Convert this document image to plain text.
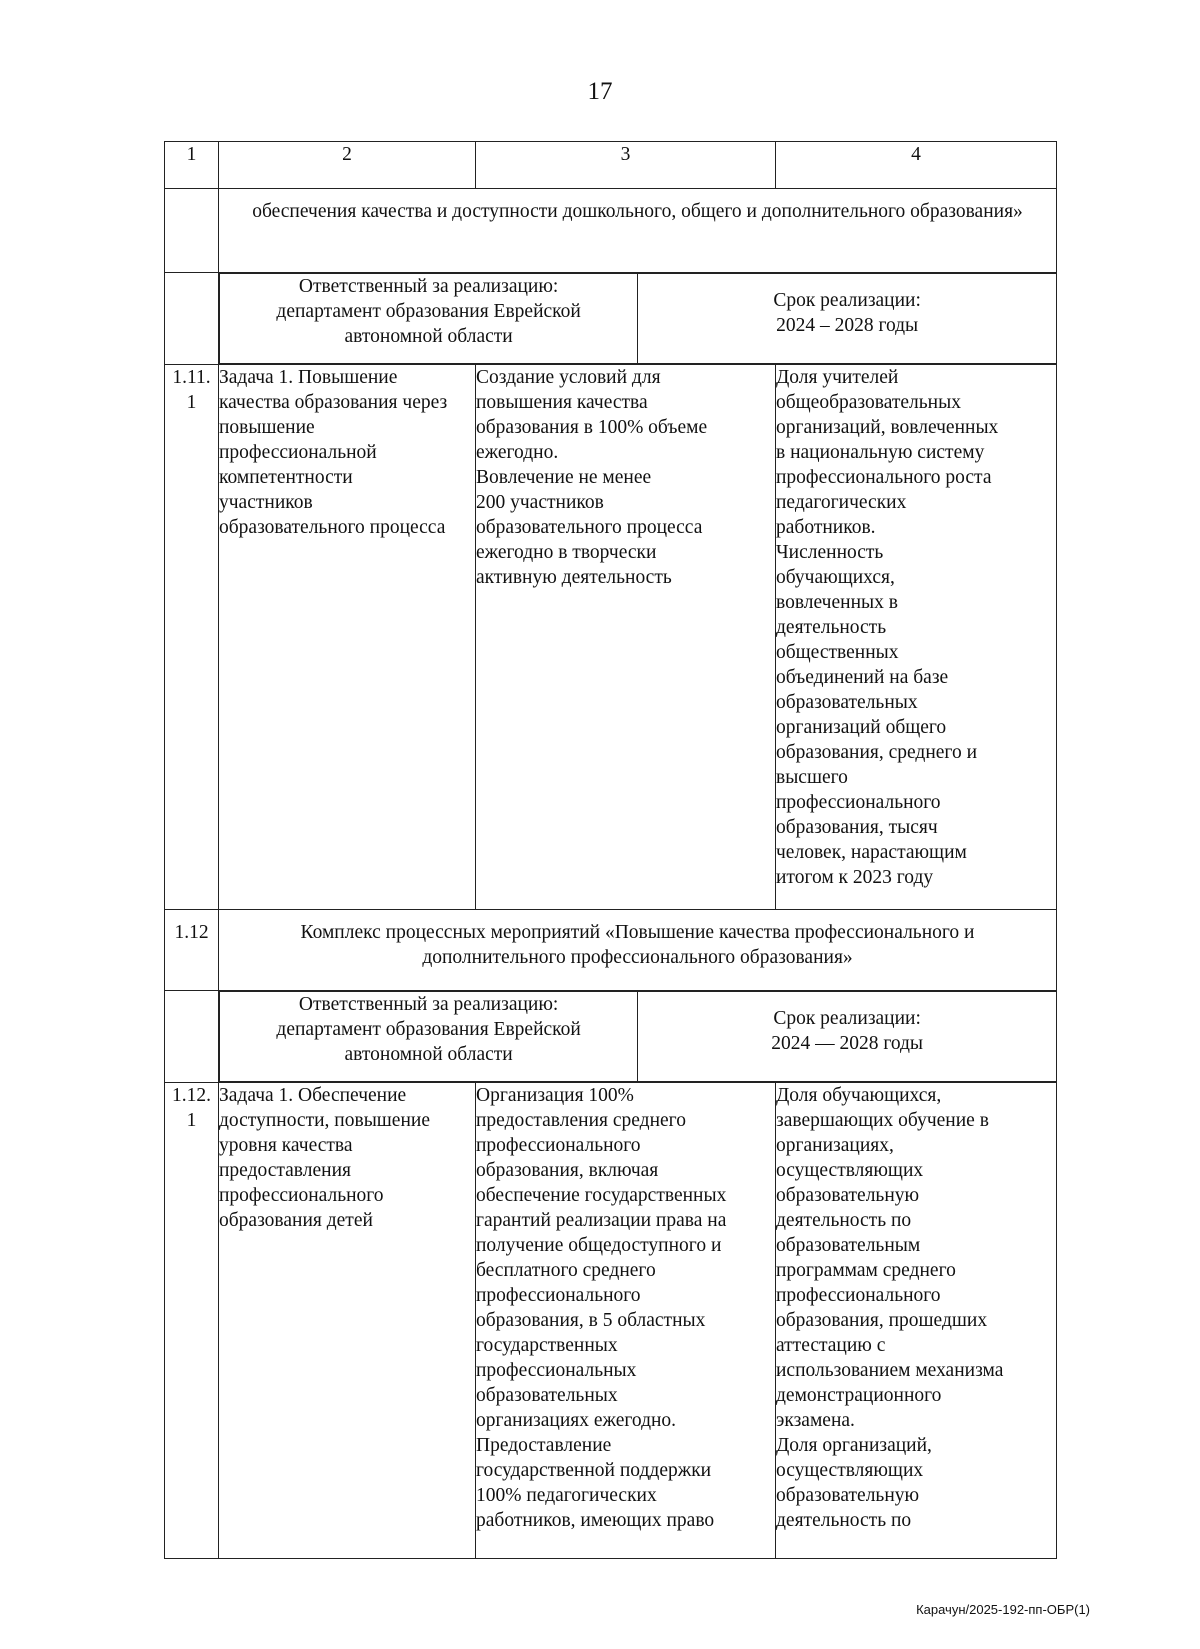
17
1	2	3	4
	обеспечения качества и доступности дошкольного, общего и дополнительного образования»

Ответственный за реализацию:
департамент образования Еврейской
автономной области	Срок реализации:
2024 – 2028 годы

1.11.
1	Задача 1. Повышение
качества образования через
повышение
профессиональной
компетентности
участников
образовательного процесса	Создание условий для
повышения качества
образования в 100% объеме
ежегодно.
Вовлечение не менее
200 участников
образовательного процесса
ежегодно в творчески
активную деятельность	Доля учителей
общеобразовательных
организаций, вовлеченных
в национальную систему
профессионального роста
педагогических
работников.
Численность
обучающихся,
вовлеченных в
деятельность
общественных
объединений на базе
образовательных
организаций общего
образования, среднего и
высшего
профессионального
образования, тысяч
человек, нарастающим
итогом к 2023 году
1.12	Комплекс процессных мероприятий «Повышение качества профессионального и дополнительного профессионального образования»

Ответственный за реализацию:
департамент образования Еврейской
автономной области	Срок реализации:
2024 — 2028 годы

1.12.
1	Задача 1. Обеспечение
доступности, повышение
уровня качества
предоставления
профессионального
образования детей	Организация 100%
предоставления среднего
профессионального
образования, включая
обеспечение государственных
гарантий реализации права на
получение общедоступного и
бесплатного среднего
профессионального
образования, в 5 областных
государственных
профессиональных
образовательных
организациях ежегодно.
Предоставление
государственной поддержки
100% педагогических
работников, имеющих право	Доля обучающихся,
завершающих обучение в
организациях,
осуществляющих
образовательную
деятельность по
образовательным
программам среднего
профессионального
образования, прошедших
аттестацию с
использованием механизма
демонстрационного
экзамена.
Доля организаций,
осуществляющих
образовательную
деятельность по
Карачун/2025-192-пп-ОБР(1)
